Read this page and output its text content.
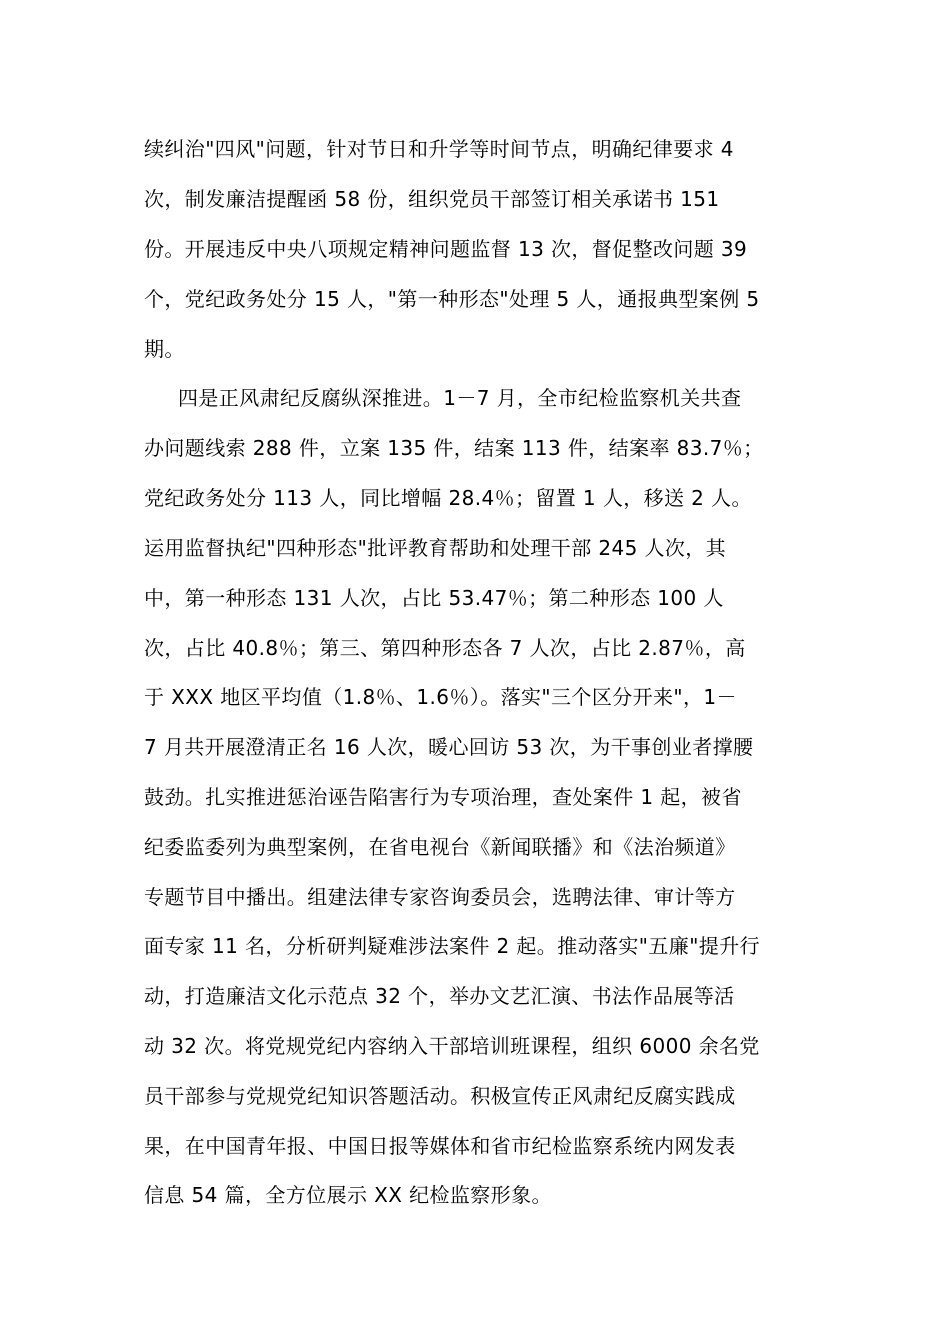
续纠治"四风"问题，针对节日和升学等时间节点，明确纪律要求 4
次，制发廉洁提醒函 58 份，组织党员干部签订相关承诺书 151
份。开展违反中央八项规定精神问题监督 13 次，督促整改问题 39
个，党纪政务处分 15 人，"第一种形态"处理 5 人，通报典型案例 5
期。
四是正风肃纪反腐纵深推进。1－7 月，全市纪检监察机关共查
办问题线索 288 件，立案 135 件，结案 113 件，结案率 83.7％；
党纪政务处分 113 人，同比增幅 28.4％；留置 1 人，移送 2 人。
运用监督执纪"四种形态"批评教育帮助和处理干部 245 人次，其
中，第一种形态 131 人次，占比 53.47％；第二种形态 100 人
次，占比 40.8％；第三、第四种形态各 7 人次，占比 2.87％，高
于 XXX 地区平均值（1.8％、1.6％）。落实"三个区分开来"，1－
7 月共开展澄清正名 16 人次，暖心回访 53 次，为干事创业者撑腰
鼓劲。扎实推进惩治诬告陷害行为专项治理，查处案件 1 起，被省
纪委监委列为典型案例，在省电视台《新闻联播》和《法治频道》
专题节目中播出。组建法律专家咨询委员会，选聘法律、审计等方
面专家 11 名，分析研判疑难涉法案件 2 起。推动落实"五廉"提升行
动，打造廉洁文化示范点 32 个，举办文艺汇演、书法作品展等活
动 32 次。将党规党纪内容纳入干部培训班课程，组织 6000 余名党
员干部参与党规党纪知识答题活动。积极宣传正风肃纪反腐实践成
果，在中国青年报、中国日报等媒体和省市纪检监察系统内网发表
信息 54 篇，全方位展示 XX 纪检监察形象。
